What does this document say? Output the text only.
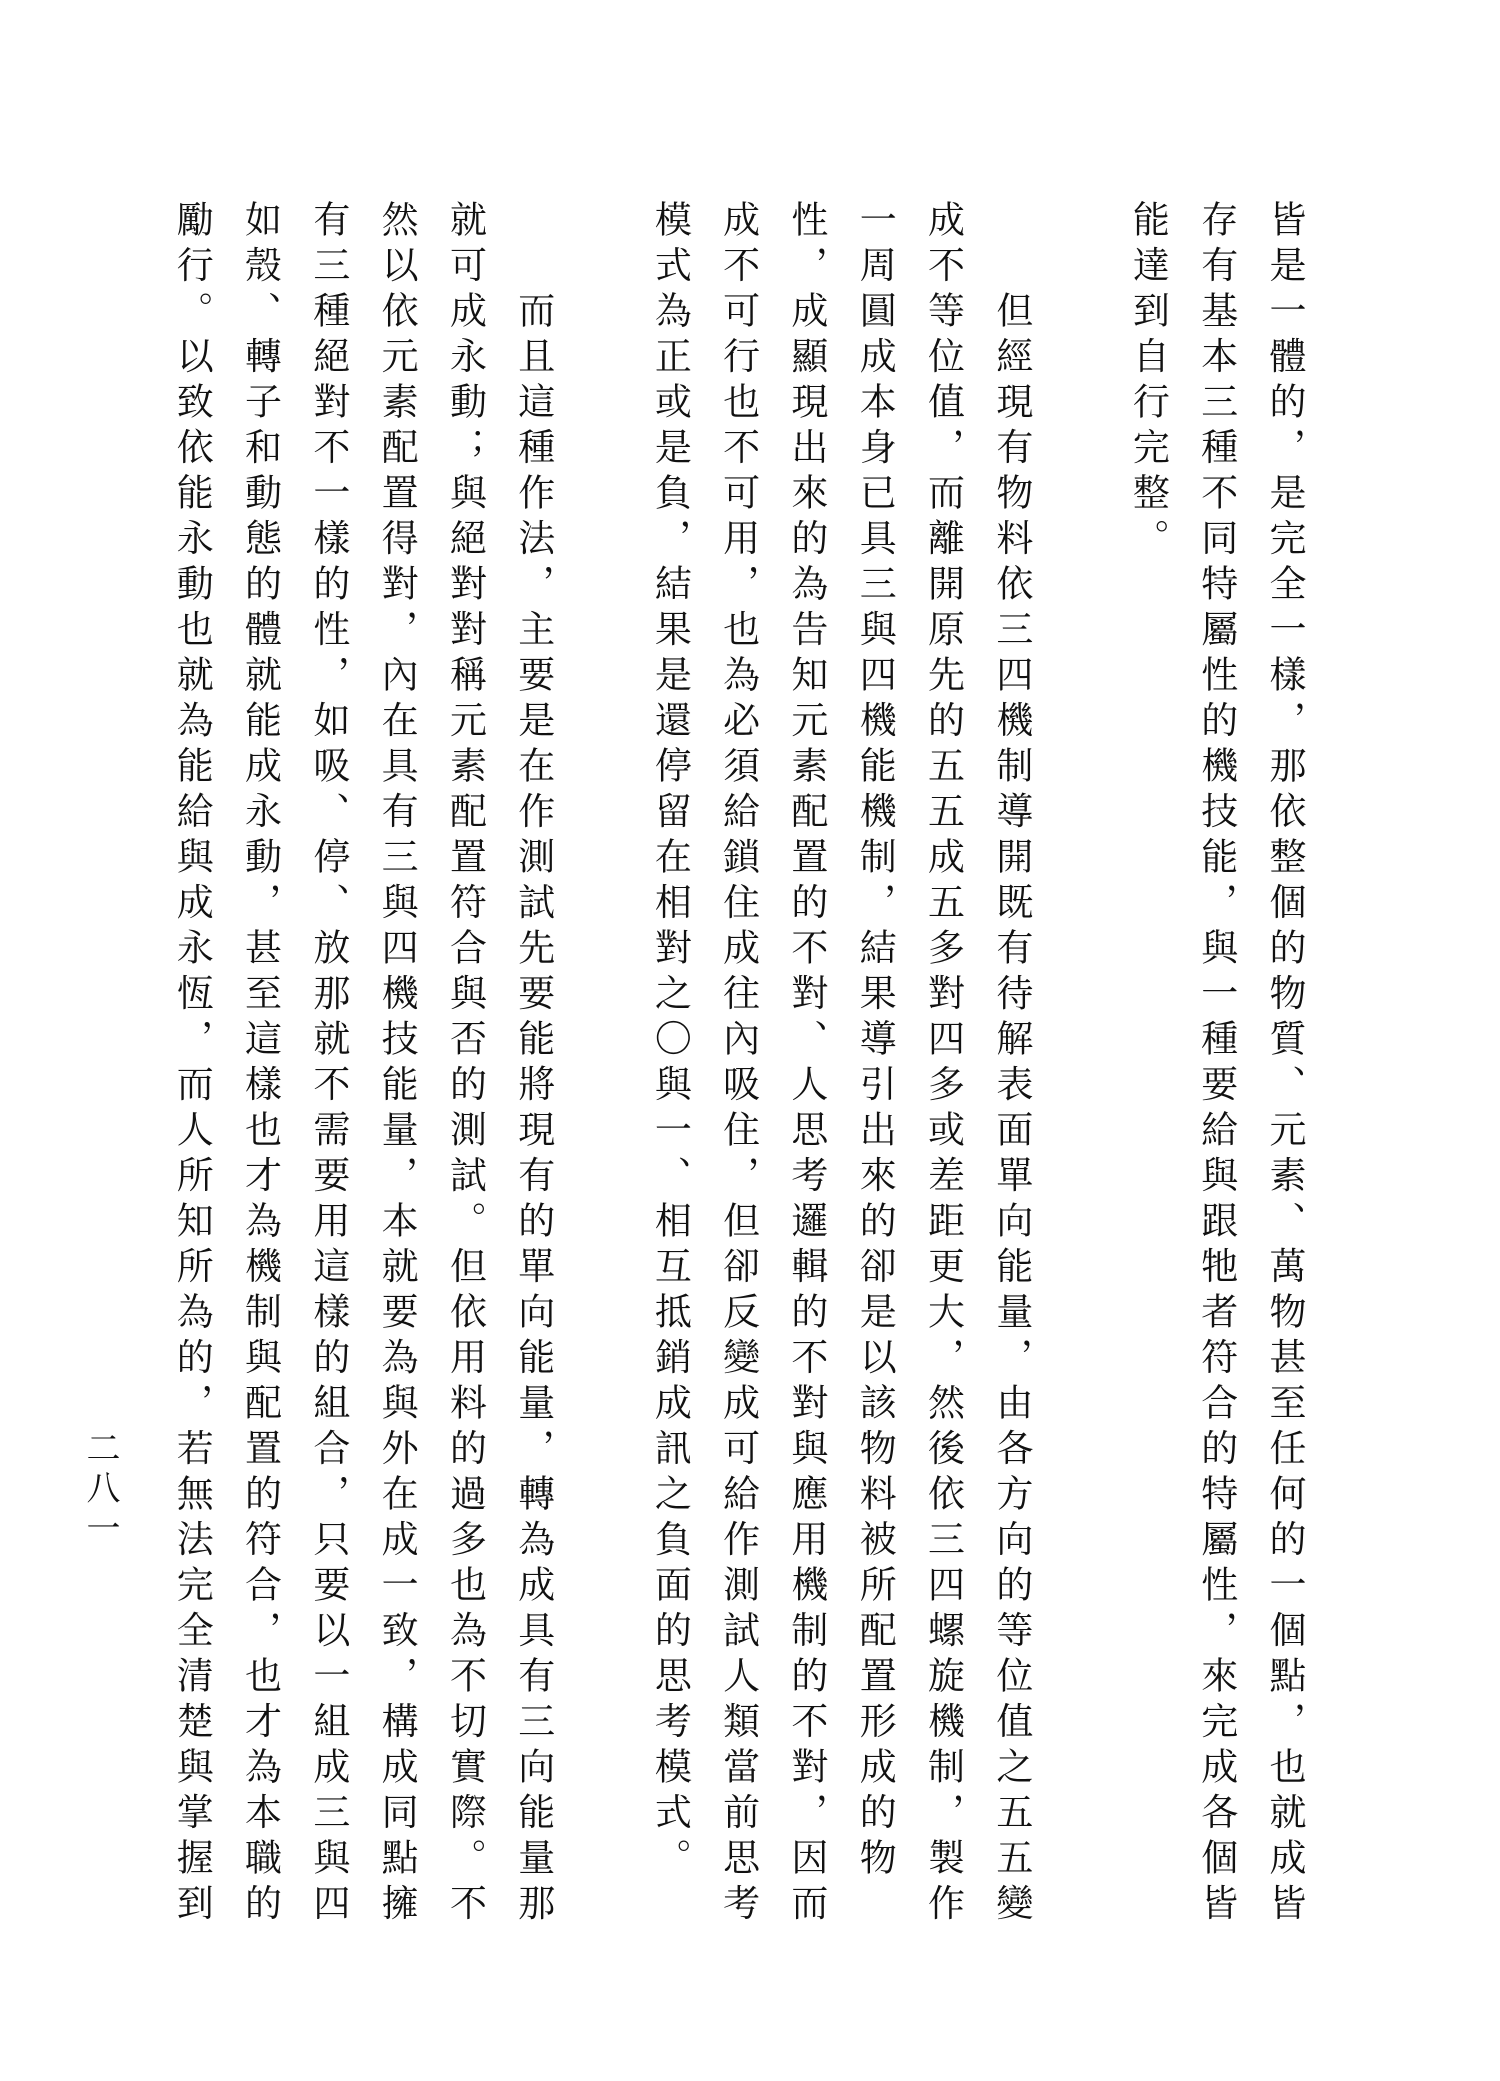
皆是一體的，是完全一樣，那依整個的物質、元素、萬物甚至任何的一個點，也就成皆
存有基本三種不同特屬性的機技能，與一種要給與跟牠者符合的特屬性，來完成各個皆
能達到自行完整。
　　但經現有物料依三四機制導開既有待解表面單向能量，由各方向的等位值之五五變
成不等位值，而離開原先的五五成五多對四多或差距更大，然後依三四螺旋機制，製作
一周圓成本身已具三與四機能機制，結果導引出來的卻是以該物料被所配置形成的物
性，成顯現出來的為告知元素配置的不對、人思考邏輯的不對與應用機制的不對，因而
成不可行也不可用，也為必須給鎖住成往內吸住，但卻反變成可給作測試人類當前思考
模式為正或是負，結果是還停留在相對之〇與一、相互抵銷成訊之負面的思考模式。
　　而且這種作法，主要是在作測試先要能將現有的單向能量，轉為成具有三向能量那
就可成永動；與絕對對稱元素配置符合與否的測試。但依用料的過多也為不切實際。不
然以依元素配置得對，內在具有三與四機技能量，本就要為與外在成一致，構成同點擁
有三種絕對不一樣的性，如吸、停、放那就不需要用這樣的組合，只要以一組成三與四
如殼、轉子和動態的體就能成永動，甚至這樣也才為機制與配置的符合，也才為本職的
勵行。以致依能永動也就為能給與成永恆，而人所知所為的，若無法完全清楚與掌握到
二八一
